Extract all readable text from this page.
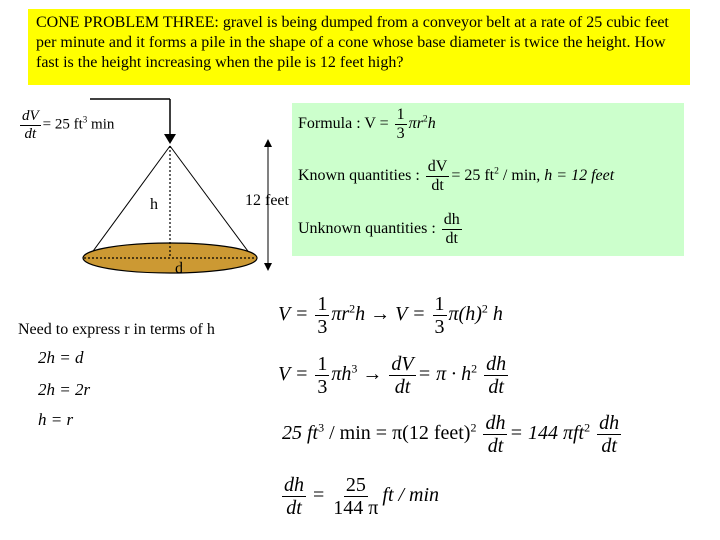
CONE PROBLEM THREE: gravel is being dumped from a conveyor belt at a rate of 25 cubic feet per minute and it forms a pile in the shape of a cone whose base diameter is twice the height. How fast is the height increasing when the pile is 12 feet high?
$\frac{dV}{dt} = 25$ $ft^3$ min
h
d
12 feet
Formula : $V = \frac{1}{3} \pi r^2h$
Known quantities : $\frac{dV}{dt} = 25$ $ft^2$ / min, h = 12 feet
Unknown quantities : $\frac{dh}{dt}$
Need to express r in terms of h
2h = d
2h = 2r
h = r
$V = \frac{1}{3} \pi r^2h \to V = \frac{1}{3} \pi(h)^2$ h
$V = \frac{1}{3} \pi h^3 \to \frac{dV}{dt} = \pi \cdot h^2 \frac{dh}{dt}$
25 $ft^3 / \min = \pi(12$ feet)$^2$ $\frac{dh}{dt} = 144$ $\pi ft^2 \frac{dh}{dt}$
$\frac{dh}{dt} = \frac{25}{144 \pi}$ ft / min
